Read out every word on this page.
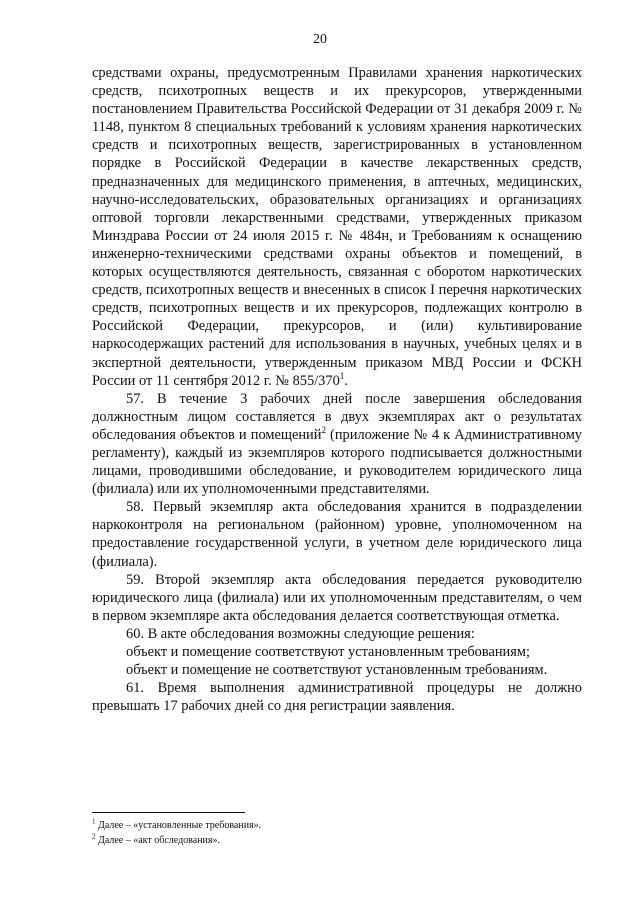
20

средствами охраны, предусмотренным Правилами хранения наркотических средств, психотропных веществ и их прекурсоров, утвержденными постановлением Правительства Российской Федерации от 31 декабря 2009 г. № 1148, пунктом 8 специальных требований к условиям хранения наркотических средств и психотропных веществ, зарегистрированных в установленном порядке в Российской Федерации в качестве лекарственных средств, предназначенных для медицинского применения, в аптечных, медицинских, научно-исследовательских, образовательных организациях и организациях оптовой торговли лекарственными средствами, утвержденных приказом Минздрава России от 24 июля 2015 г. № 484н, и Требованиям к оснащению инженерно-техническими средствами охраны объектов и помещений, в которых осуществляются деятельность, связанная с оборотом наркотических средств, психотропных веществ и внесенных в список I перечня наркотических средств, психотропных веществ и их прекурсоров, подлежащих контролю в Российской Федерации, прекурсоров, и (или) культивирование наркосодержащих растений для использования в научных, учебных целях и в экспертной деятельности, утвержденным приказом МВД России и ФСКН России от 11 сентября 2012 г. № $855/370^1$.

57. В течение 3 рабочих дней после завершения обследования должностным лицом составляется в двух экземплярах акт о результатах обследования объектов и помещений$^2$ (приложение № 4 к Административному регламенту), каждый из экземпляров которого подписывается должностными лицами, проводившими обследование, и руководителем юридического лица (филиала) или их уполномоченными представителями.

58. Первый экземпляр акта обследования хранится в подразделении наркоконтроля на региональном (районном) уровне, уполномоченном на предоставление государственной услуги, в учетном деле юридического лица (филиала).

59. Второй экземпляр акта обследования передается руководителю юридического лица (филиала) или их уполномоченным представителям, о чем в первом экземпляре акта обследования делается соответствующая отметка.

60. В акте обследования возможны следующие решения:

объект и помещение соответствуют установленным требованиям;

объект и помещение не соответствуют установленным требованиям.

61. Время выполнения административной процедуры не должно превышать 17 рабочих дней со дня регистрации заявления.

$^1$ Далее – «установленные требования».

$^2$ Далее – «акт обследования».
